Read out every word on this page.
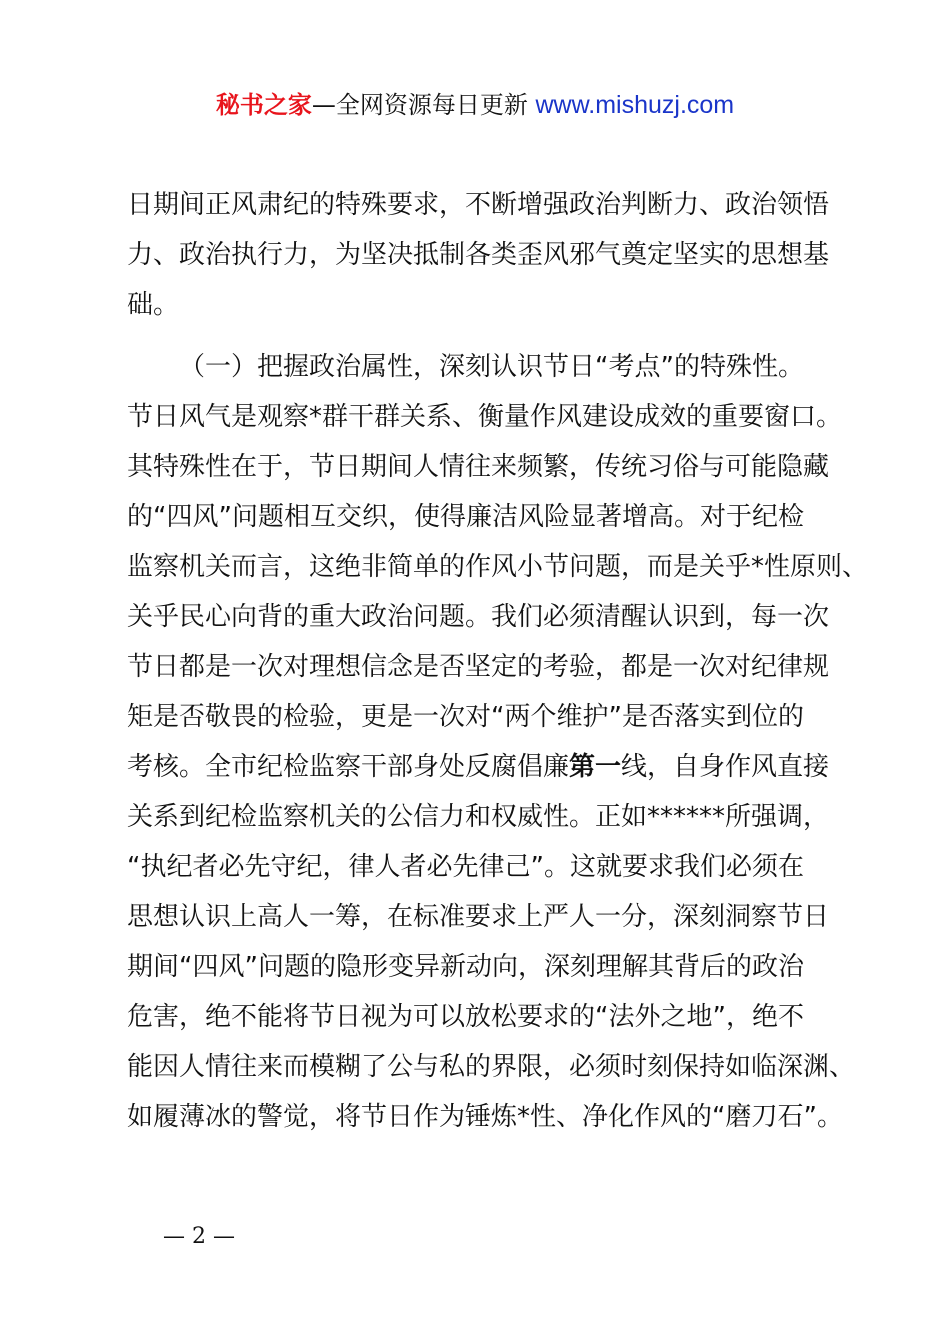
秘书之家—全网资源每日更新 www.mishuzj.com
日期间正风肃纪的特殊要求，不断增强政治判断力、政治领悟
力、政治执行力，为坚决抵制各类歪风邪气奠定坚实的思想基
础。
（一）把握政治属性，深刻认识节日“考点”的特殊性。
节日风气是观察*群干群关系、衡量作风建设成效的重要窗口。
其特殊性在于，节日期间人情往来频繁，传统习俗与可能隐藏
的“四风”问题相互交织，使得廉洁风险显著增高。对于纪检
监察机关而言，这绝非简单的作风小节问题，而是关乎*性原则、
关乎民心向背的重大政治问题。我们必须清醒认识到，每一次
节日都是一次对理想信念是否坚定的考验，都是一次对纪律规
矩是否敬畏的检验，更是一次对“两个维护”是否落实到位的
考核。全市纪检监察干部身处反腐倡廉第一线，自身作风直接
关系到纪检监察机关的公信力和权威性。正如******所强调，
“执纪者必先守纪，律人者必先律己”。这就要求我们必须在
思想认识上高人一筹，在标准要求上严人一分，深刻洞察节日
期间“四风”问题的隐形变异新动向，深刻理解其背后的政治
危害，绝不能将节日视为可以放松要求的“法外之地”，绝不
能因人情往来而模糊了公与私的界限，必须时刻保持如临深渊、
如履薄冰的警觉，将节日作为锤炼*性、净化作风的“磨刀石”。
— 2 —
